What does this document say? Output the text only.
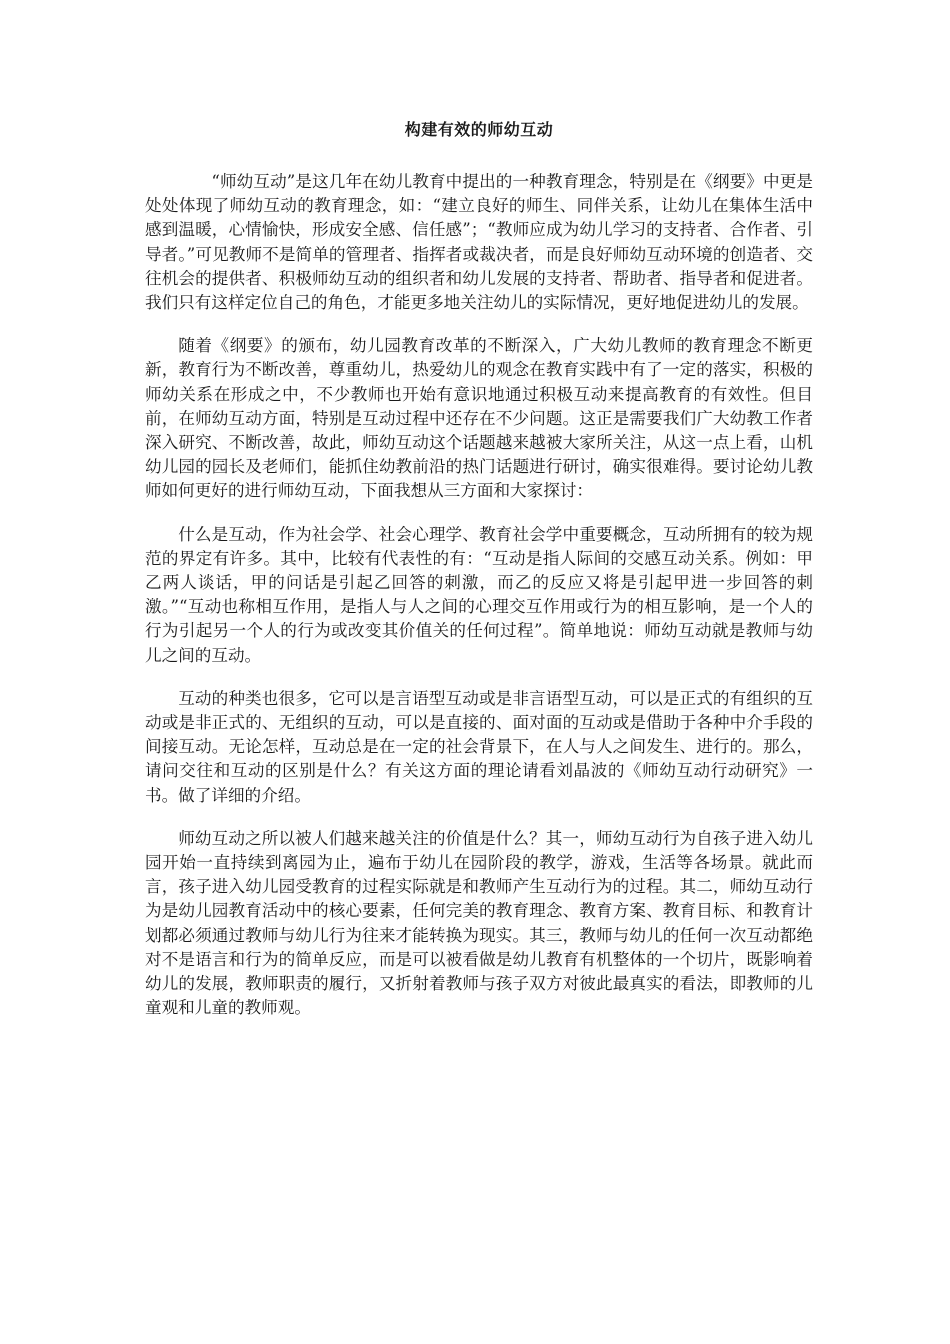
构建有效的师幼互动

“师幼互动”是这几年在幼儿教育中提出的一种教育理念，特别是在《纲要》中更是处处体现了师幼互动的教育理念，如：“建立良好的师生、同伴关系，让幼儿在集体生活中感到温暖，心情愉快，形成安全感、信任感”；“教师应成为幼儿学习的支持者、合作者、引导者。”可见教师不是简单的管理者、指挥者或裁决者，而是良好师幼互动环境的创造者、交往机会的提供者、积极师幼互动的组织者和幼儿发展的支持者、帮助者、指导者和促进者。我们只有这样定位自己的角色，才能更多地关注幼儿的实际情况，更好地促进幼儿的发展。

随着《纲要》的颁布，幼儿园教育改革的不断深入，广大幼儿教师的教育理念不断更新，教育行为不断改善，尊重幼儿，热爱幼儿的观念在教育实践中有了一定的落实，积极的师幼关系在形成之中，不少教师也开始有意识地通过积极互动来提高教育的有效性。但目前，在师幼互动方面，特别是互动过程中还存在不少问题。这正是需要我们广大幼教工作者深入研究、不断改善，故此，师幼互动这个话题越来越被大家所关注，从这一点上看，山机幼儿园的园长及老师们，能抓住幼教前沿的热门话题进行研讨，确实很难得。要讨论幼儿教师如何更好的进行师幼互动，下面我想从三方面和大家探讨：

什么是互动，作为社会学、社会心理学、教育社会学中重要概念，互动所拥有的较为规范的界定有许多。其中，比较有代表性的有：“互动是指人际间的交感互动关系。例如：甲乙两人谈话，甲的问话是引起乙回答的刺激，而乙的反应又将是引起甲进一步回答的刺激。”“互动也称相互作用，是指人与人之间的心理交互作用或行为的相互影响，是一个人的行为引起另一个人的行为或改变其价值关的任何过程”。简单地说：师幼互动就是教师与幼儿之间的互动。

互动的种类也很多，它可以是言语型互动或是非言语型互动，可以是正式的有组织的互动或是非正式的、无组织的互动，可以是直接的、面对面的互动或是借助于各种中介手段的间接互动。无论怎样，互动总是在一定的社会背景下，在人与人之间发生、进行的。那么，请问交往和互动的区别是什么？有关这方面的理论请看刘晶波的《师幼互动行动研究》一书。做了详细的介绍。

师幼互动之所以被人们越来越关注的价值是什么？其一，师幼互动行为自孩子进入幼儿园开始一直持续到离园为止，遍布于幼儿在园阶段的教学，游戏，生活等各场景。就此而言，孩子进入幼儿园受教育的过程实际就是和教师产生互动行为的过程。其二，师幼互动行为是幼儿园教育活动中的核心要素，任何完美的教育理念、教育方案、教育目标、和教育计划都必须通过教师与幼儿行为往来才能转换为现实。其三，教师与幼儿的任何一次互动都绝对不是语言和行为的简单反应，而是可以被看做是幼儿教育有机整体的一个切片，既影响着幼儿的发展，教师职责的履行，又折射着教师与孩子双方对彼此最真实的看法，即教师的儿童观和儿童的教师观。
